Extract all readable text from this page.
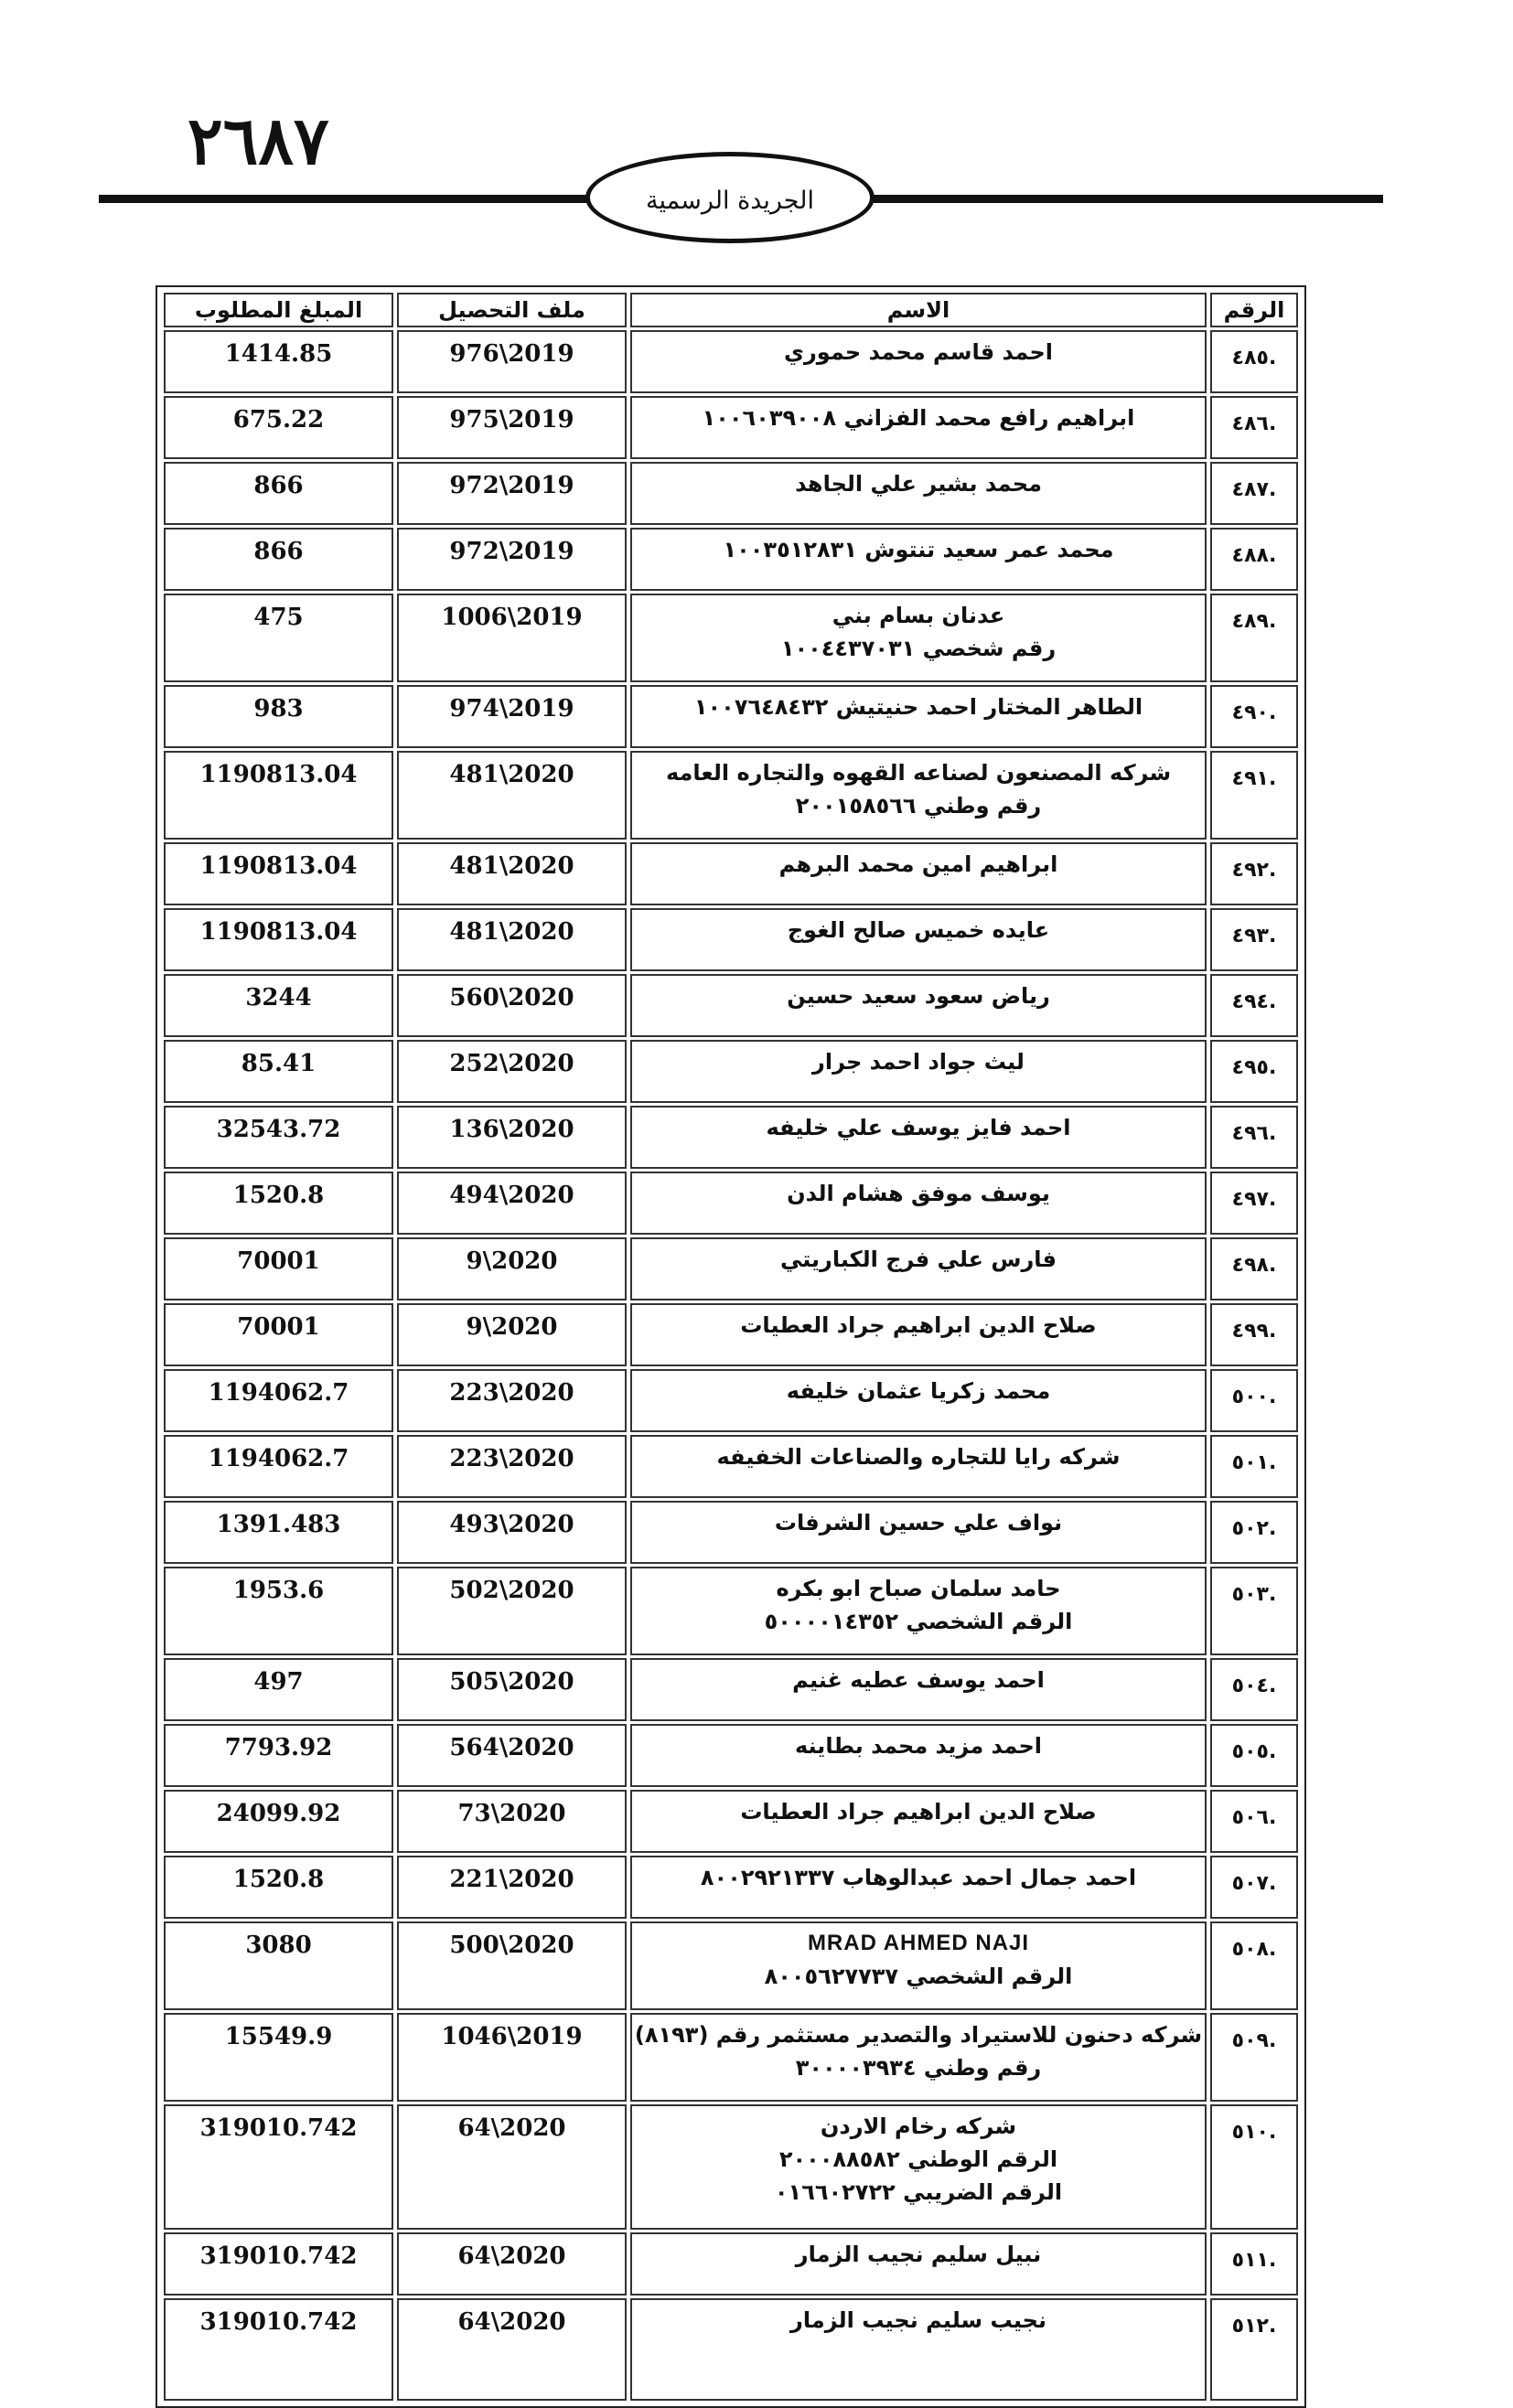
٢٦٨٧
الجريدة الرسمية
الرقم	الاسم	ملف التحصيل	المبلغ المطلوب
.٤٨٥	احمد قاسم محمد حموري	976\2019	1414.85
.٤٨٦	ابراهيم رافع محمد الفزاني ١٠٠٦٠٣٩٠٠٨	975\2019	675.22
.٤٨٧	محمد بشير علي الجاهد	972\2019	866
.٤٨٨	محمد عمر سعيد تنتوش ١٠٠٣٥١٢٨٣١	972\2019	866
.٤٨٩	عدنان بسام بني
رقم شخصي ١٠٠٤٤٣٧٠٣١	1006\2019	475
.٤٩٠	الطاهر المختار احمد حنيتيش ١٠٠٧٦٤٨٤٣٢	974\2019	983
.٤٩١	شركه المصنعون لصناعه القهوه والتجاره العامه
رقم وطني ٢٠٠١٥٨٥٦٦	481\2020	1190813.04
.٤٩٢	ابراهيم امين محمد البرهم	481\2020	1190813.04
.٤٩٣	عايده خميس صالح الغوج	481\2020	1190813.04
.٤٩٤	رياض سعود سعيد حسين	560\2020	3244
.٤٩٥	ليث جواد احمد جرار	252\2020	85.41
.٤٩٦	احمد فايز يوسف علي خليفه	136\2020	32543.72
.٤٩٧	يوسف موفق هشام الدن	494\2020	1520.8
.٤٩٨	فارس علي فرج الكباريتي	9\2020	70001
.٤٩٩	صلاح الدين ابراهيم جراد العطيات	9\2020	70001
.٥٠٠	محمد زكريا عثمان خليفه	223\2020	1194062.7
.٥٠١	شركه رايا للتجاره والصناعات الخفيفه	223\2020	1194062.7
.٥٠٢	نواف علي حسين الشرفات	493\2020	1391.483
.٥٠٣	حامد سلمان صباح ابو بكره
الرقم الشخصي ٥٠٠٠٠١٤٣٥٢	502\2020	1953.6
.٥٠٤	احمد يوسف عطيه غنيم	505\2020	497
.٥٠٥	احمد مزيد محمد بطاينه	564\2020	7793.92
.٥٠٦	صلاح الدين ابراهيم جراد العطيات	73\2020	24099.92
.٥٠٧	احمد جمال احمد عبدالوهاب ٨٠٠٢٩٢١٣٣٧	221\2020	1520.8
.٥٠٨	MRAD AHMED NAJI
الرقم الشخصي ٨٠٠٥٦٢٧٧٣٧	500\2020	3080
.٥٠٩	شركه دحنون للاستيراد والتصدير مستثمر رقم (٨١٩٣)
رقم وطني ٣٠٠٠٠٣٩٣٤	1046\2019	15549.9
.٥١٠	شركه رخام الاردن
الرقم الوطني ٢٠٠٠٨٨٥٨٢
الرقم الضريبي ٠١٦٦٠٢٧٢٢	64\2020	319010.742
.٥١١	نبيل سليم نجيب الزمار	64\2020	319010.742
.٥١٢	نجيب سليم نجيب الزمار	64\2020	319010.742
